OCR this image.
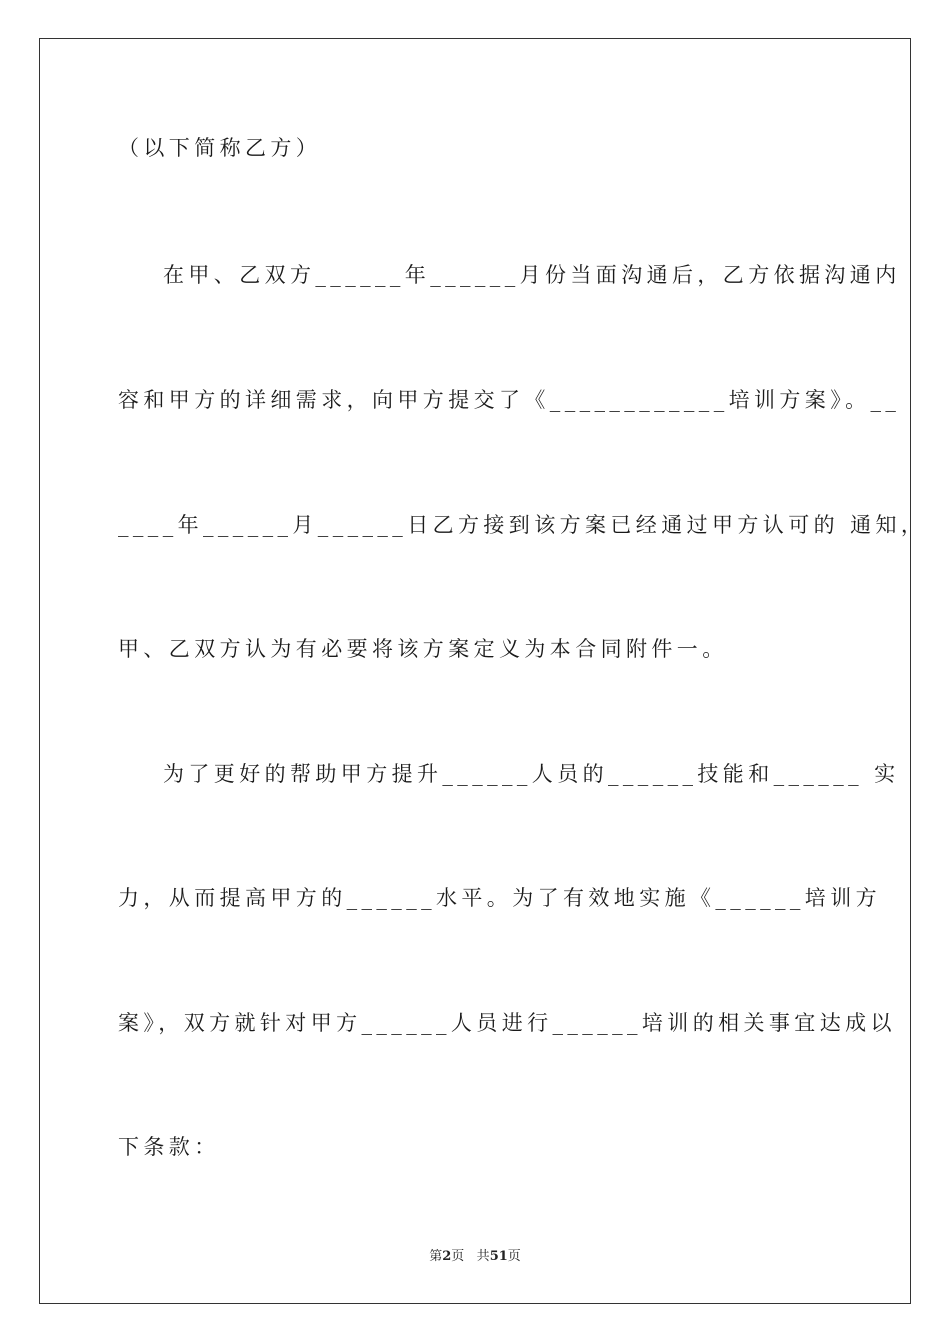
（以下简称乙方）
在甲、乙双方______年______月份当面沟通后，乙方依据沟通内
容和甲方的详细需求，向甲方提交了《____________培训方案》。__
____年______月______日乙方接到该方案已经通过甲方认可的 通知，
甲、乙双方认为有必要将该方案定义为本合同附件一。
为了更好的帮助甲方提升______人员的______技能和______ 实
力，从而提高甲方的______水平。为了有效地实施《______培训方
案》，双方就针对甲方______人员进行______培训的相关事宜达成以
下条款：
第2页 共51页
